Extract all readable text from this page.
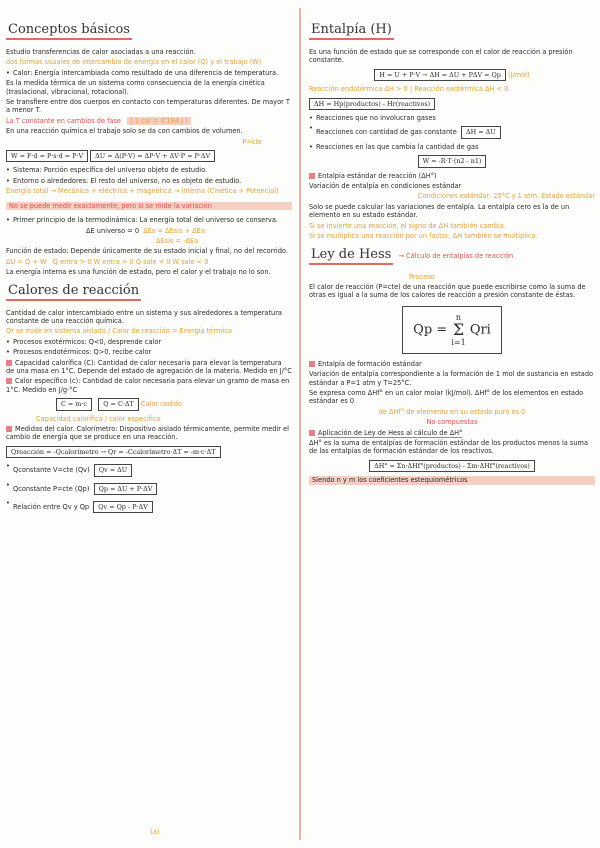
Conceptos básicos
Estudio transferencias de calor asociadas a una reacción.
dos formas usuales de intercambio de energía en el calor (Q) y el trabajo (W)
• Calor: Energía intercambiada como resultado de una diferencia de temperatura.
Es la medida térmica de un sistema como consecuencia de la energía cinética (traslacional, vibracional, rotacional).
Se transfiere entre dos cuerpos en contacto con temperaturas diferentes. De mayor T a menor T.
La T constante en cambios de fase ( 1 cal = 4'184 J )
En una reacción química el trabajo solo se da con cambios de volumen.
P=cte
W = F·d = P·s·d = P·V ΔU = Δ(P·V) = ΔP·V + ΔV·P = P·ΔV
• Sistema: Porción específica del universo objeto de estudio.
• Entorno o alrededores: El resto del universo, no es objeto de estudio.
Energía total → Mecánica + eléctrica + magnética → interna (Cinética + Potencial)
No se puede medir exactamente, pero si se mide la variación
• Primer principio de la termodinámica: La energía total del universo se conserva.
ΔE universo = 0 ΔEs = ΔEsis + ΔEa
ΔEsis = -ΔEa
Función de estado: Depende únicamente de su estado inicial y final, no del recorrido.
ΔU = Q + W Q entra > 0 W entra > 0 Q sale < 0 W sale < 0
La energía interna es una función de estado, pero el calor y el trabajo no lo son.
Calores de reacción
Cantidad de calor intercambiado entre un sistema y sus alrededores a temperatura constante de una reacción química.
Qr se mide en sistema aislado / Calor de reacción = Energía térmica
• Procesos exotérmicos: Q<0, desprende calor
• Procesos endotérmicos: Q>0, recibe calor
Capacidad calorífica (C): Cantidad de calor necesaria para elevar la temperatura de una masa en 1°C. Depende del estado de agregación de la materia. Medido en J/°C
Calor específico (c): Cantidad de calor necesaria para elevar un gramo de masa en 1°C. Medido en J/g·°C
C = m·c	Q = C·ΔT Calor cedido
Capacidad calorífica / calor específico
Medidas del calor. Calorímetro: Dispositivo aislado térmicamente, permite medir el cambio de energía que se produce en una reacción.
Qreacción = -Qcalorímetro → Qr = -Ccalorímetro·ΔT = -m·c·ΔT
• Qconstante V=cte (Qv) Qv = ΔU
• Qconstante P=cte (Qp) Qp = ΔU + P·ΔV
• Relación entre Qv y Qp Qv = Qp - P·ΔV
Entalpía (H)
Es una función de estado que se corresponde con el calor de reacción a presión constante.
H = U + P·V → ΔH = ΔU + PΔV = Qp (J/mol)
Reacción endotérmica ΔH > 0 | Reacción exotérmica ΔH < 0
ΔH = Hp(productos) - Hr(reactivos)
• Reacciones que no involucran gases
• Reacciones con cantidad de gas constante ΔH = ΔU
• Reacciones en las que cambia la cantidad de gas
W = -R·T·(n2 - n1)
Entalpía estándar de reacción (ΔH°)
Variación de entalpía en condiciones estándar
Condiciones estándar: 25°C y 1 atm. Estado estándar
Solo se puede calcular las variaciones de entalpía. La entalpía cero es la de un elemento en su estado estándar.
Si se invierte una reacción, el signo de ΔH también cambia.
Si se multiplica una reacción por un factor, ΔH también se multiplica.
Ley de Hess → Cálculo de entalpías de reacción
Proceso
El calor de reacción (P=cte) de una reacción que puede escribirse como la suma de otras es igual a la suma de los calores de reacción a presión constante de éstas.
Qp = n
Σ
i=1 Qri
Entalpía de formación estándar
Variación de entalpía correspondiente a la formación de 1 mol de sustancia en estado estándar a P=1 atm y T=25°C.
Se expresa como ΔHf° en un calor molar (kJ/mol). ΔHf° de los elementos en estado estándar es 0
de ΔHf° de elemento en su estado puro es 0
No compuestas
Aplicación de Ley de Hess al cálculo de ΔH°
ΔH° es la suma de entalpías de formación estándar de los productos menos la suma de las entalpías de formación estándar de los reactivos.
ΔH° = Σn·ΔHf°(productos) - Σm·ΔHf°(reactivos)
Siendo n y m los coeficientes estequiométricos
(a)
